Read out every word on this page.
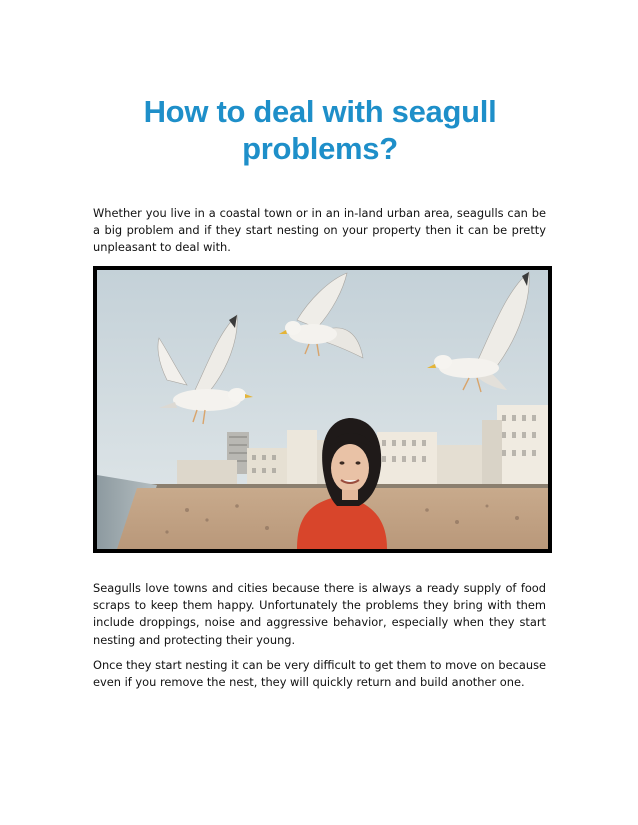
How to deal with seagull problems?

Whether you live in a coastal town or in an in-land urban area, seagulls can be a big problem and if they start nesting on your property then it can be pretty unpleasant to deal with.

Seagulls love towns and cities because there is always a ready supply of food scraps to keep them happy. Unfortunately the problems they bring with them include droppings, noise and aggressive behavior, especially when they start nesting and protecting their young.

Once they start nesting it can be very difficult to get them to move on because even if you remove the nest, they will quickly return and build another one.
